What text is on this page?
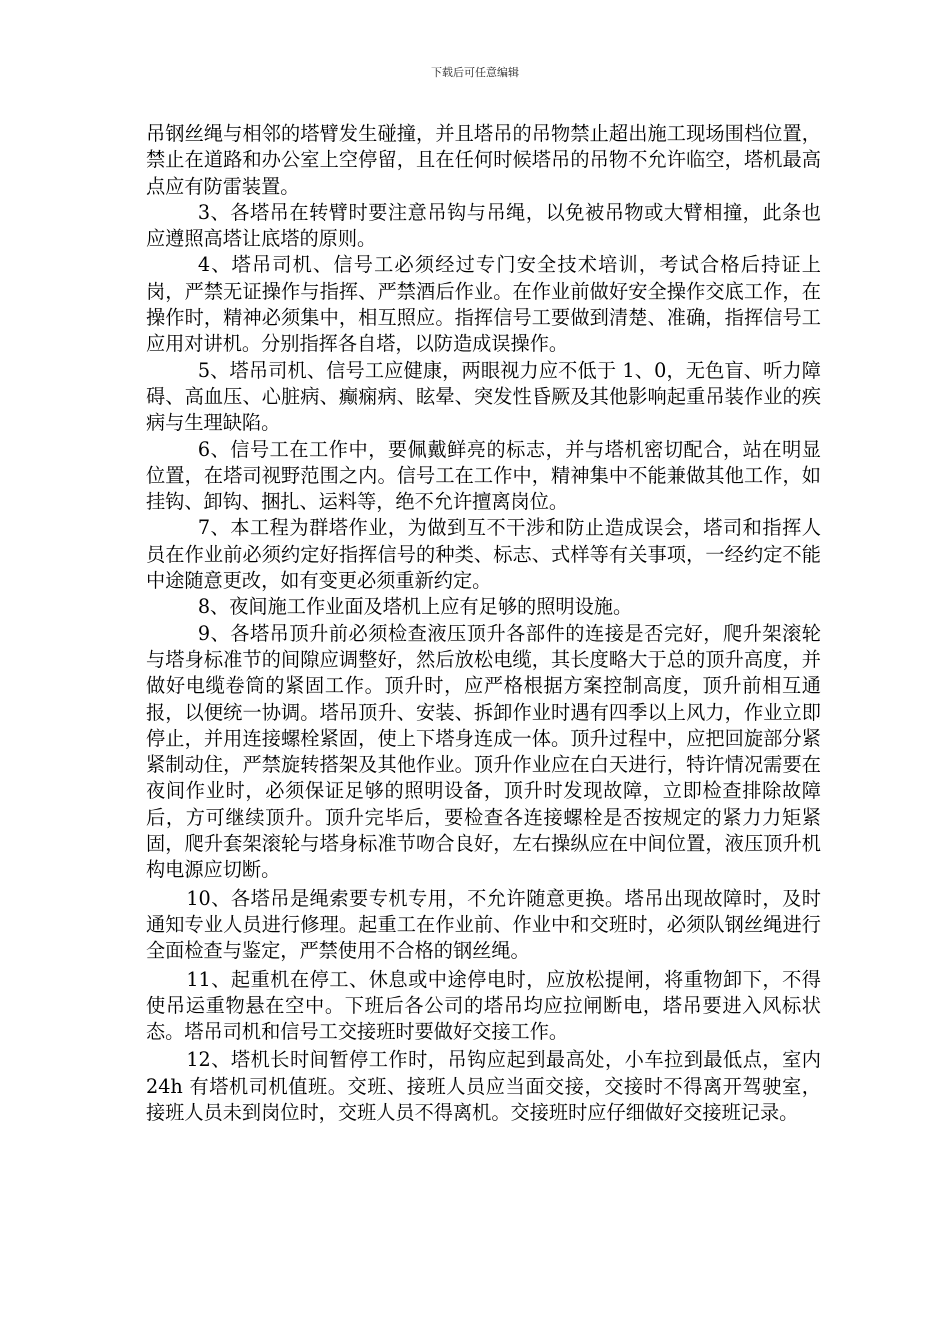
下载后可任意编辑

吊钢丝绳与相邻的塔臂发生碰撞，并且塔吊的吊物禁止超出施工现场围档位置，禁止在道路和办公室上空停留，且在任何时候塔吊的吊物不允许临空，塔机最高点应有防雷装置。

3、各塔吊在转臂时要注意吊钩与吊绳，以免被吊物或大臂相撞，此条也应遵照高塔让底塔的原则。

4、塔吊司机、信号工必须经过专门安全技术培训，考试合格后持证上岗，严禁无证操作与指挥、严禁酒后作业。在作业前做好安全操作交底工作，在操作时，精神必须集中，相互照应。指挥信号工要做到清楚、准确，指挥信号工应用对讲机。分别指挥各自塔，以防造成误操作。

5、塔吊司机、信号工应健康，两眼视力应不低于 1、0，无色盲、听力障碍、高血压、心脏病、癫痫病、眩晕、突发性昏厥及其他影响起重吊装作业的疾病与生理缺陷。

6、信号工在工作中，要佩戴鲜亮的标志，并与塔机密切配合，站在明显位置，在塔司视野范围之内。信号工在工作中，精神集中不能兼做其他工作，如挂钩、卸钩、捆扎、运料等，绝不允许擅离岗位。

7、本工程为群塔作业，为做到互不干涉和防止造成误会，塔司和指挥人员在作业前必须约定好指挥信号的种类、标志、式样等有关事项，一经约定不能中途随意更改，如有变更必须重新约定。

8、夜间施工作业面及塔机上应有足够的照明设施。

9、各塔吊顶升前必须检查液压顶升各部件的连接是否完好，爬升架滚轮与塔身标准节的间隙应调整好，然后放松电缆，其长度略大于总的顶升高度，并做好电缆卷筒的紧固工作。顶升时，应严格根据方案控制高度，顶升前相互通报，以便统一协调。塔吊顶升、安装、拆卸作业时遇有四季以上风力，作业立即停止，并用连接螺栓紧固，使上下塔身连成一体。顶升过程中，应把回旋部分紧紧制动住，严禁旋转搭架及其他作业。顶升作业应在白天进行，特许情况需要在夜间作业时，必须保证足够的照明设备，顶升时发现故障，立即检查排除故障后，方可继续顶升。顶升完毕后，要检查各连接螺栓是否按规定的紧力力矩紧固，爬升套架滚轮与塔身标准节吻合良好，左右操纵应在中间位置，液压顶升机构电源应切断。

10、各塔吊是绳索要专机专用，不允许随意更换。塔吊出现故障时，及时通知专业人员进行修理。起重工在作业前、作业中和交班时，必须队钢丝绳进行全面检查与鉴定，严禁使用不合格的钢丝绳。

11、起重机在停工、休息或中途停电时，应放松提闸，将重物卸下，不得使吊运重物悬在空中。下班后各公司的塔吊均应拉闸断电，塔吊要进入风标状态。塔吊司机和信号工交接班时要做好交接工作。

12、塔机长时间暂停工作时，吊钩应起到最高处，小车拉到最低点，室内 24h 有塔机司机值班。交班、接班人员应当面交接，交接时不得离开驾驶室，接班人员未到岗位时，交班人员不得离机。交接班时应仔细做好交接班记录。
